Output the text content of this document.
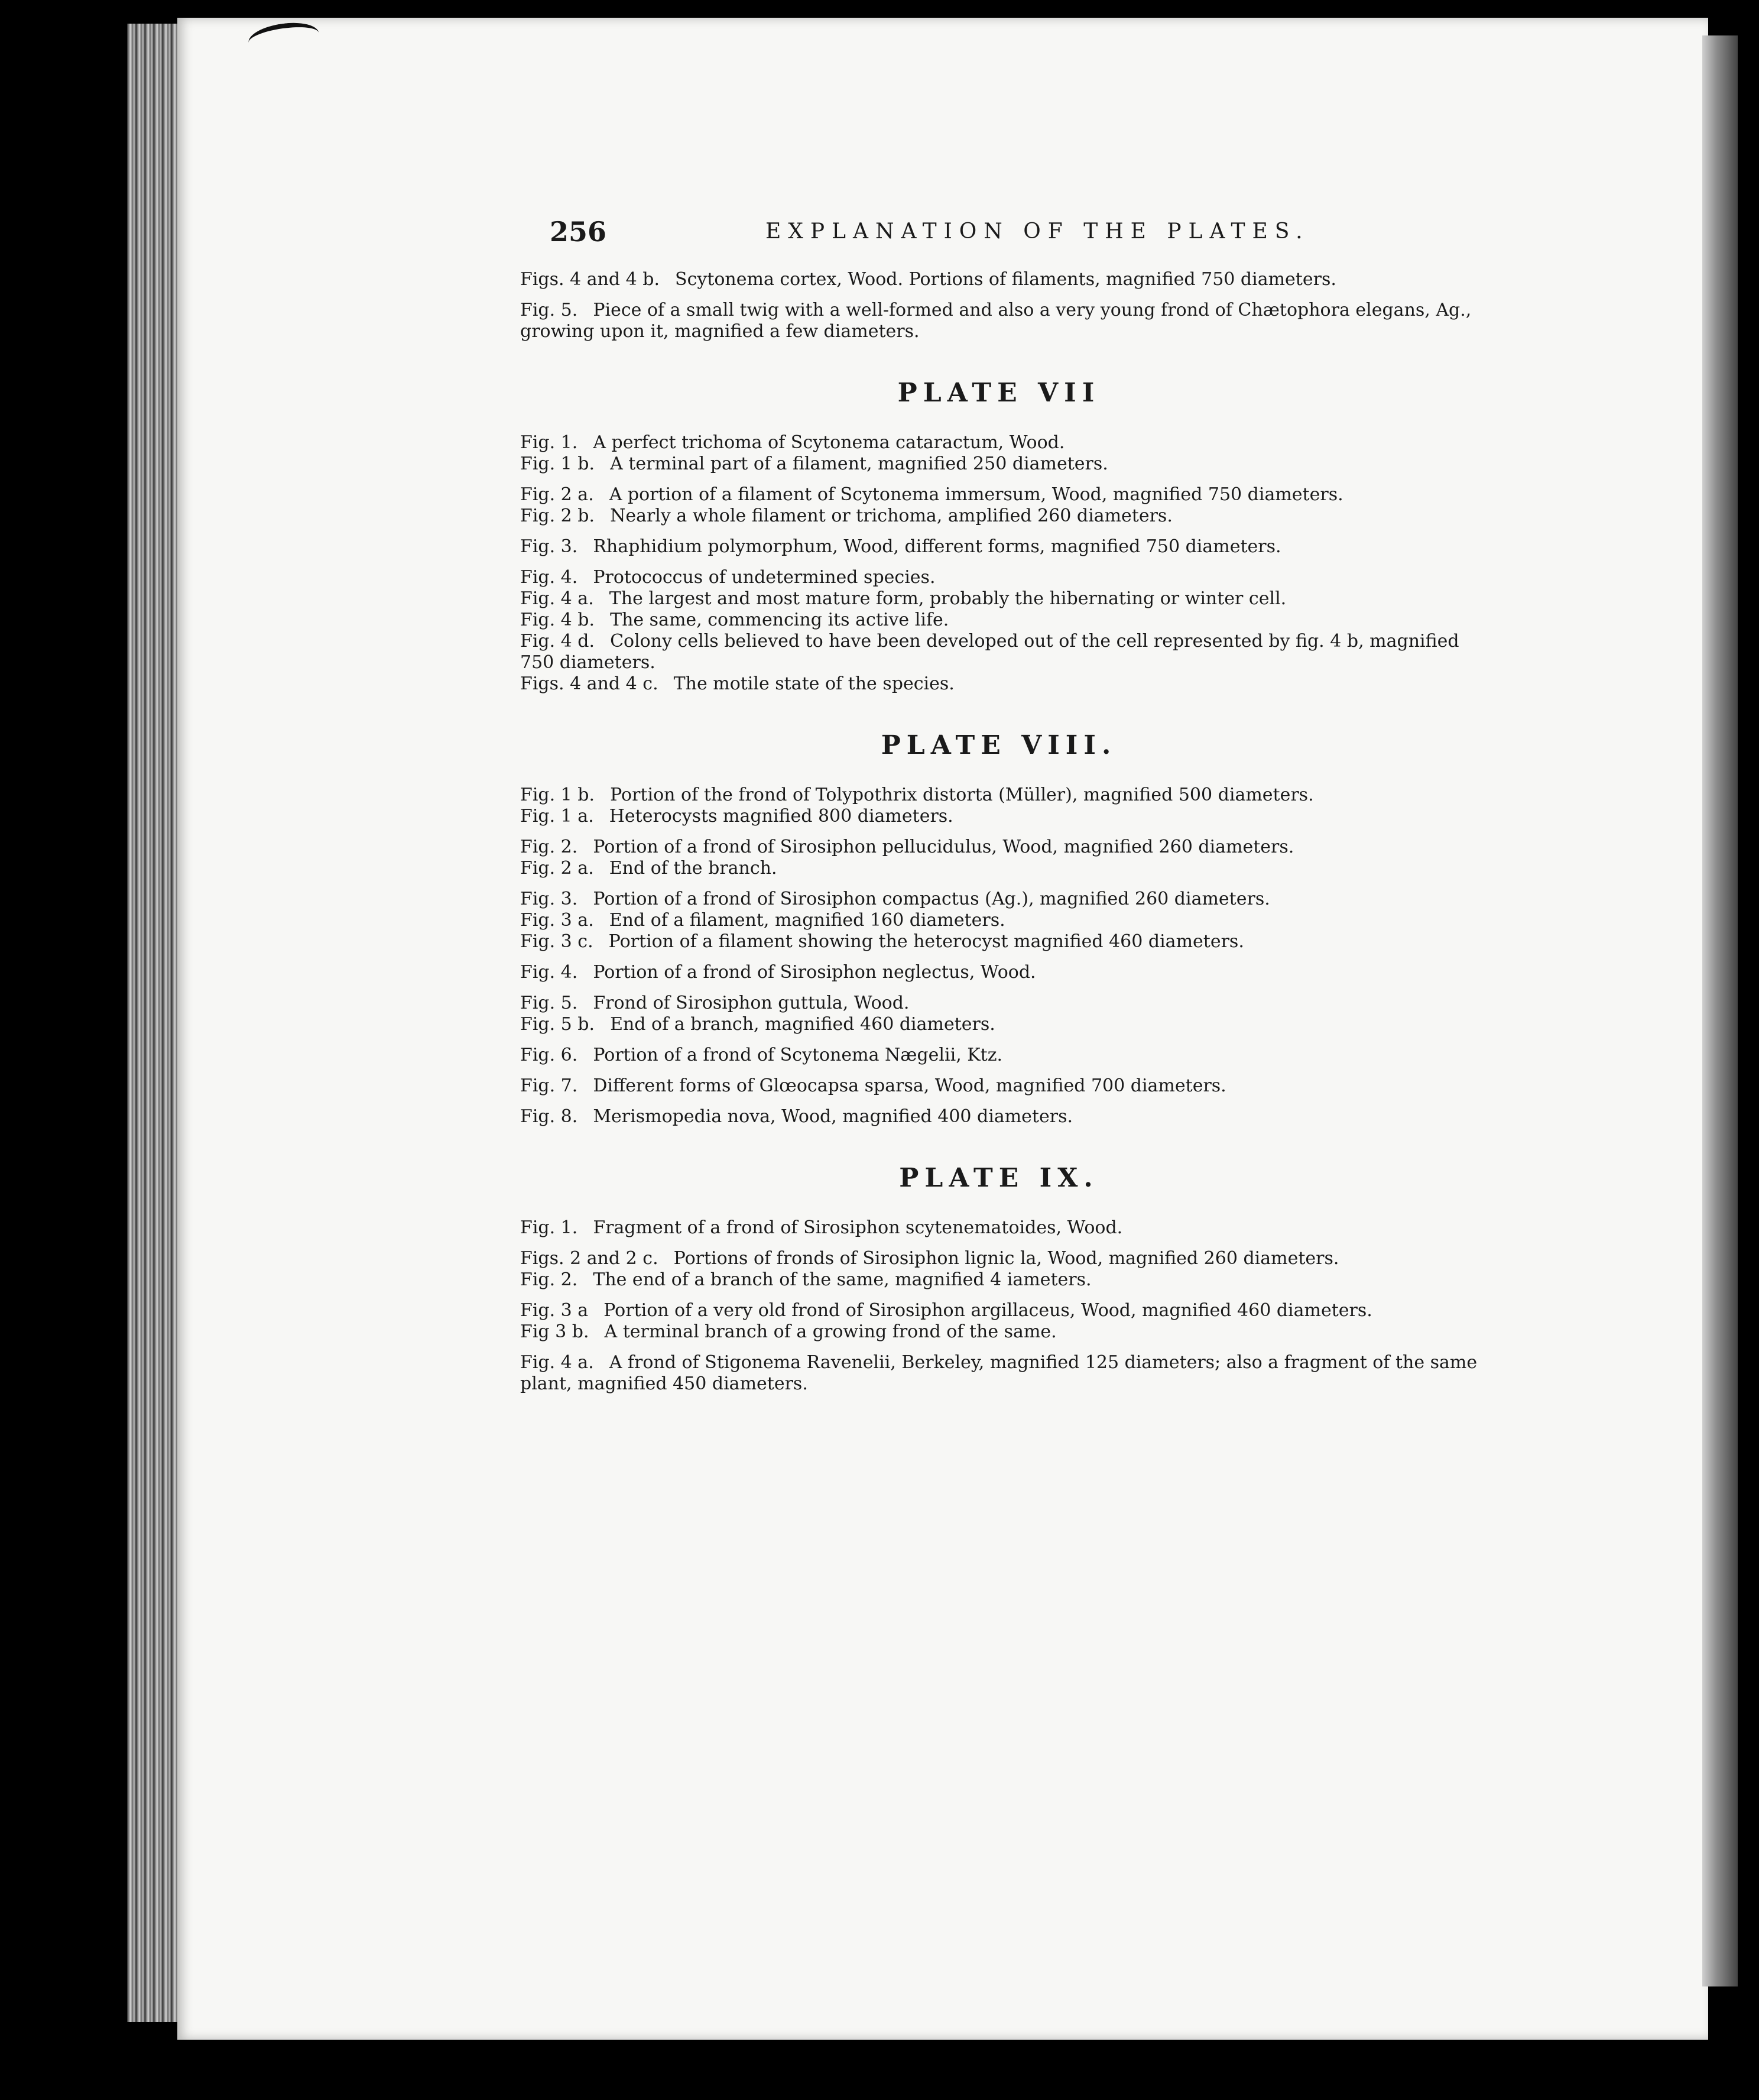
256	EXPLANATION OF THE PLATES.

Figs. 4 and 4 b. Scytonema cortex, Wood. Portions of filaments, magnified 750 diameters.

Fig. 5. Piece of a small twig with a well-formed and also a very young frond of Chætophora elegans, Ag., growing upon it, magnified a few diameters.

PLATE VII

Fig. 1. A perfect trichoma of Scytonema cataractum, Wood.

Fig. 1 b. A terminal part of a filament, magnified 250 diameters.

Fig. 2 a. A portion of a filament of Scytonema immersum, Wood, magnified 750 diameters.

Fig. 2 b. Nearly a whole filament or trichoma, amplified 260 diameters.

Fig. 3. Rhaphidium polymorphum, Wood, different forms, magnified 750 diameters.

Fig. 4. Protococcus of undetermined species.

Fig. 4 a. The largest and most mature form, probably the hibernating or winter cell.

Fig. 4 b. The same, commencing its active life.

Fig. 4 d. Colony cells believed to have been developed out of the cell represented by fig. 4 b, magnified 750 diameters.

Figs. 4 and 4 c. The motile state of the species.

PLATE VIII.

Fig. 1 b. Portion of the frond of Tolypothrix distorta (Müller), magnified 500 diameters.

Fig. 1 a. Heterocysts magnified 800 diameters.

Fig. 2. Portion of a frond of Sirosiphon pellucidulus, Wood, magnified 260 diameters.

Fig. 2 a. End of the branch.

Fig. 3. Portion of a frond of Sirosiphon compactus (Ag.), magnified 260 diameters.

Fig. 3 a. End of a filament, magnified 160 diameters.

Fig. 3 c. Portion of a filament showing the heterocyst magnified 460 diameters.

Fig. 4. Portion of a frond of Sirosiphon neglectus, Wood.

Fig. 5. Frond of Sirosiphon guttula, Wood.

Fig. 5 b. End of a branch, magnified 460 diameters.

Fig. 6. Portion of a frond of Scytonema Nægelii, Ktz.

Fig. 7. Different forms of Glœocapsa sparsa, Wood, magnified 700 diameters.

Fig. 8. Merismopedia nova, Wood, magnified 400 diameters.

PLATE IX.

Fig. 1. Fragment of a frond of Sirosiphon scytenematoides, Wood.

Figs. 2 and 2 c. Portions of fronds of Sirosiphon lignic la, Wood, magnified 260 diameters.

Fig. 2. The end of a branch of the same, magnified 4 iameters.

Fig. 3 a Portion of a very old frond of Sirosiphon argillaceus, Wood, magnified 460 diameters.

Fig 3 b. A terminal branch of a growing frond of the same.

Fig. 4 a. A frond of Stigonema Ravenelii, Berkeley, magnified 125 diameters; also a fragment of the same plant, magnified 450 diameters.
